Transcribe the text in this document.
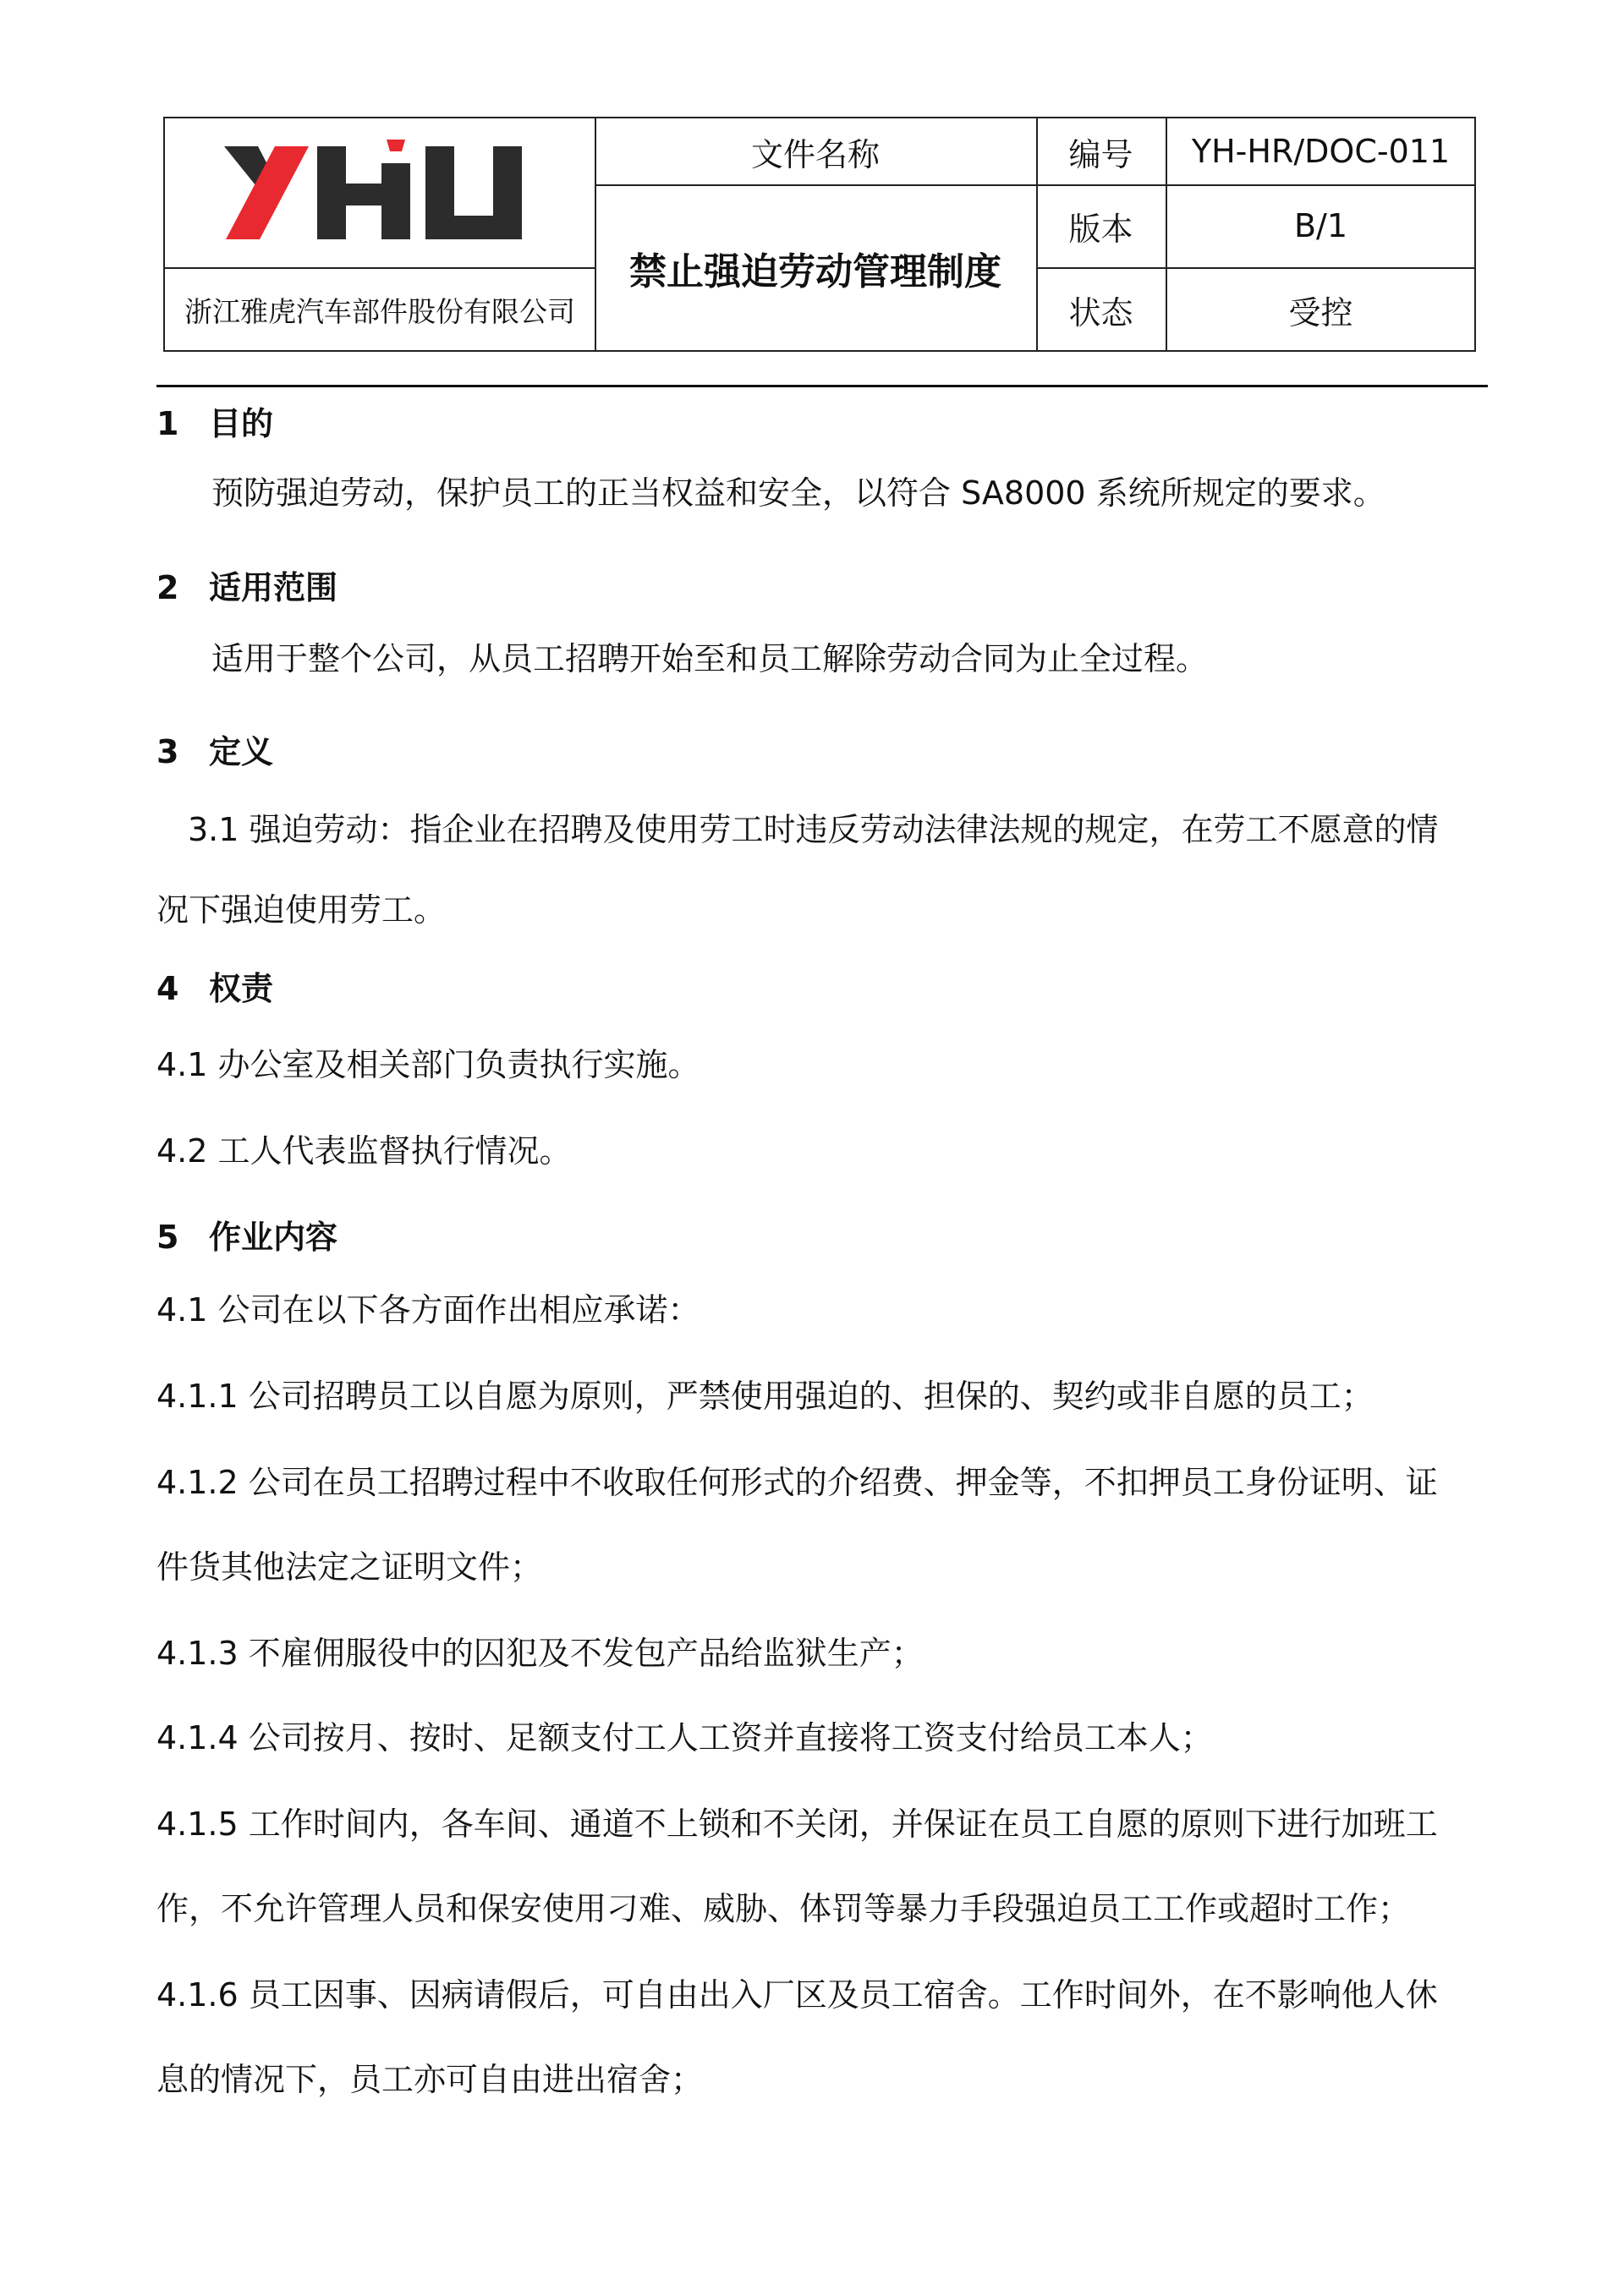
浙江雅虎汽车部件股份有限公司
文件名称
禁止强迫劳动管理制度
编号	YH-HR/DOC-011
版本	B/1
状态	受控
1 目的
预防强迫劳动，保护员工的正当权益和安全，以符合 SA8000 系统所规定的要求。
2 适用范围
适用于整个公司，从员工招聘开始至和员工解除劳动合同为止全过程。
3 定义
3.1 强迫劳动：指企业在招聘及使用劳工时违反劳动法律法规的规定，在劳工不愿意的情
况下强迫使用劳工。
4 权责
4.1 办公室及相关部门负责执行实施。
4.2 工人代表监督执行情况。
5 作业内容
4.1 公司在以下各方面作出相应承诺：
4.1.1 公司招聘员工以自愿为原则，严禁使用强迫的、担保的、契约或非自愿的员工；
4.1.2 公司在员工招聘过程中不收取任何形式的介绍费、押金等，不扣押员工身份证明、证
件货其他法定之证明文件；
4.1.3 不雇佣服役中的囚犯及不发包产品给监狱生产；
4.1.4 公司按月、按时、足额支付工人工资并直接将工资支付给员工本人；
4.1.5 工作时间内，各车间、通道不上锁和不关闭，并保证在员工自愿的原则下进行加班工
作，不允许管理人员和保安使用刁难、威胁、体罚等暴力手段强迫员工工作或超时工作；
4.1.6 员工因事、因病请假后，可自由出入厂区及员工宿舍。工作时间外，在不影响他人休
息的情况下，员工亦可自由进出宿舍；
